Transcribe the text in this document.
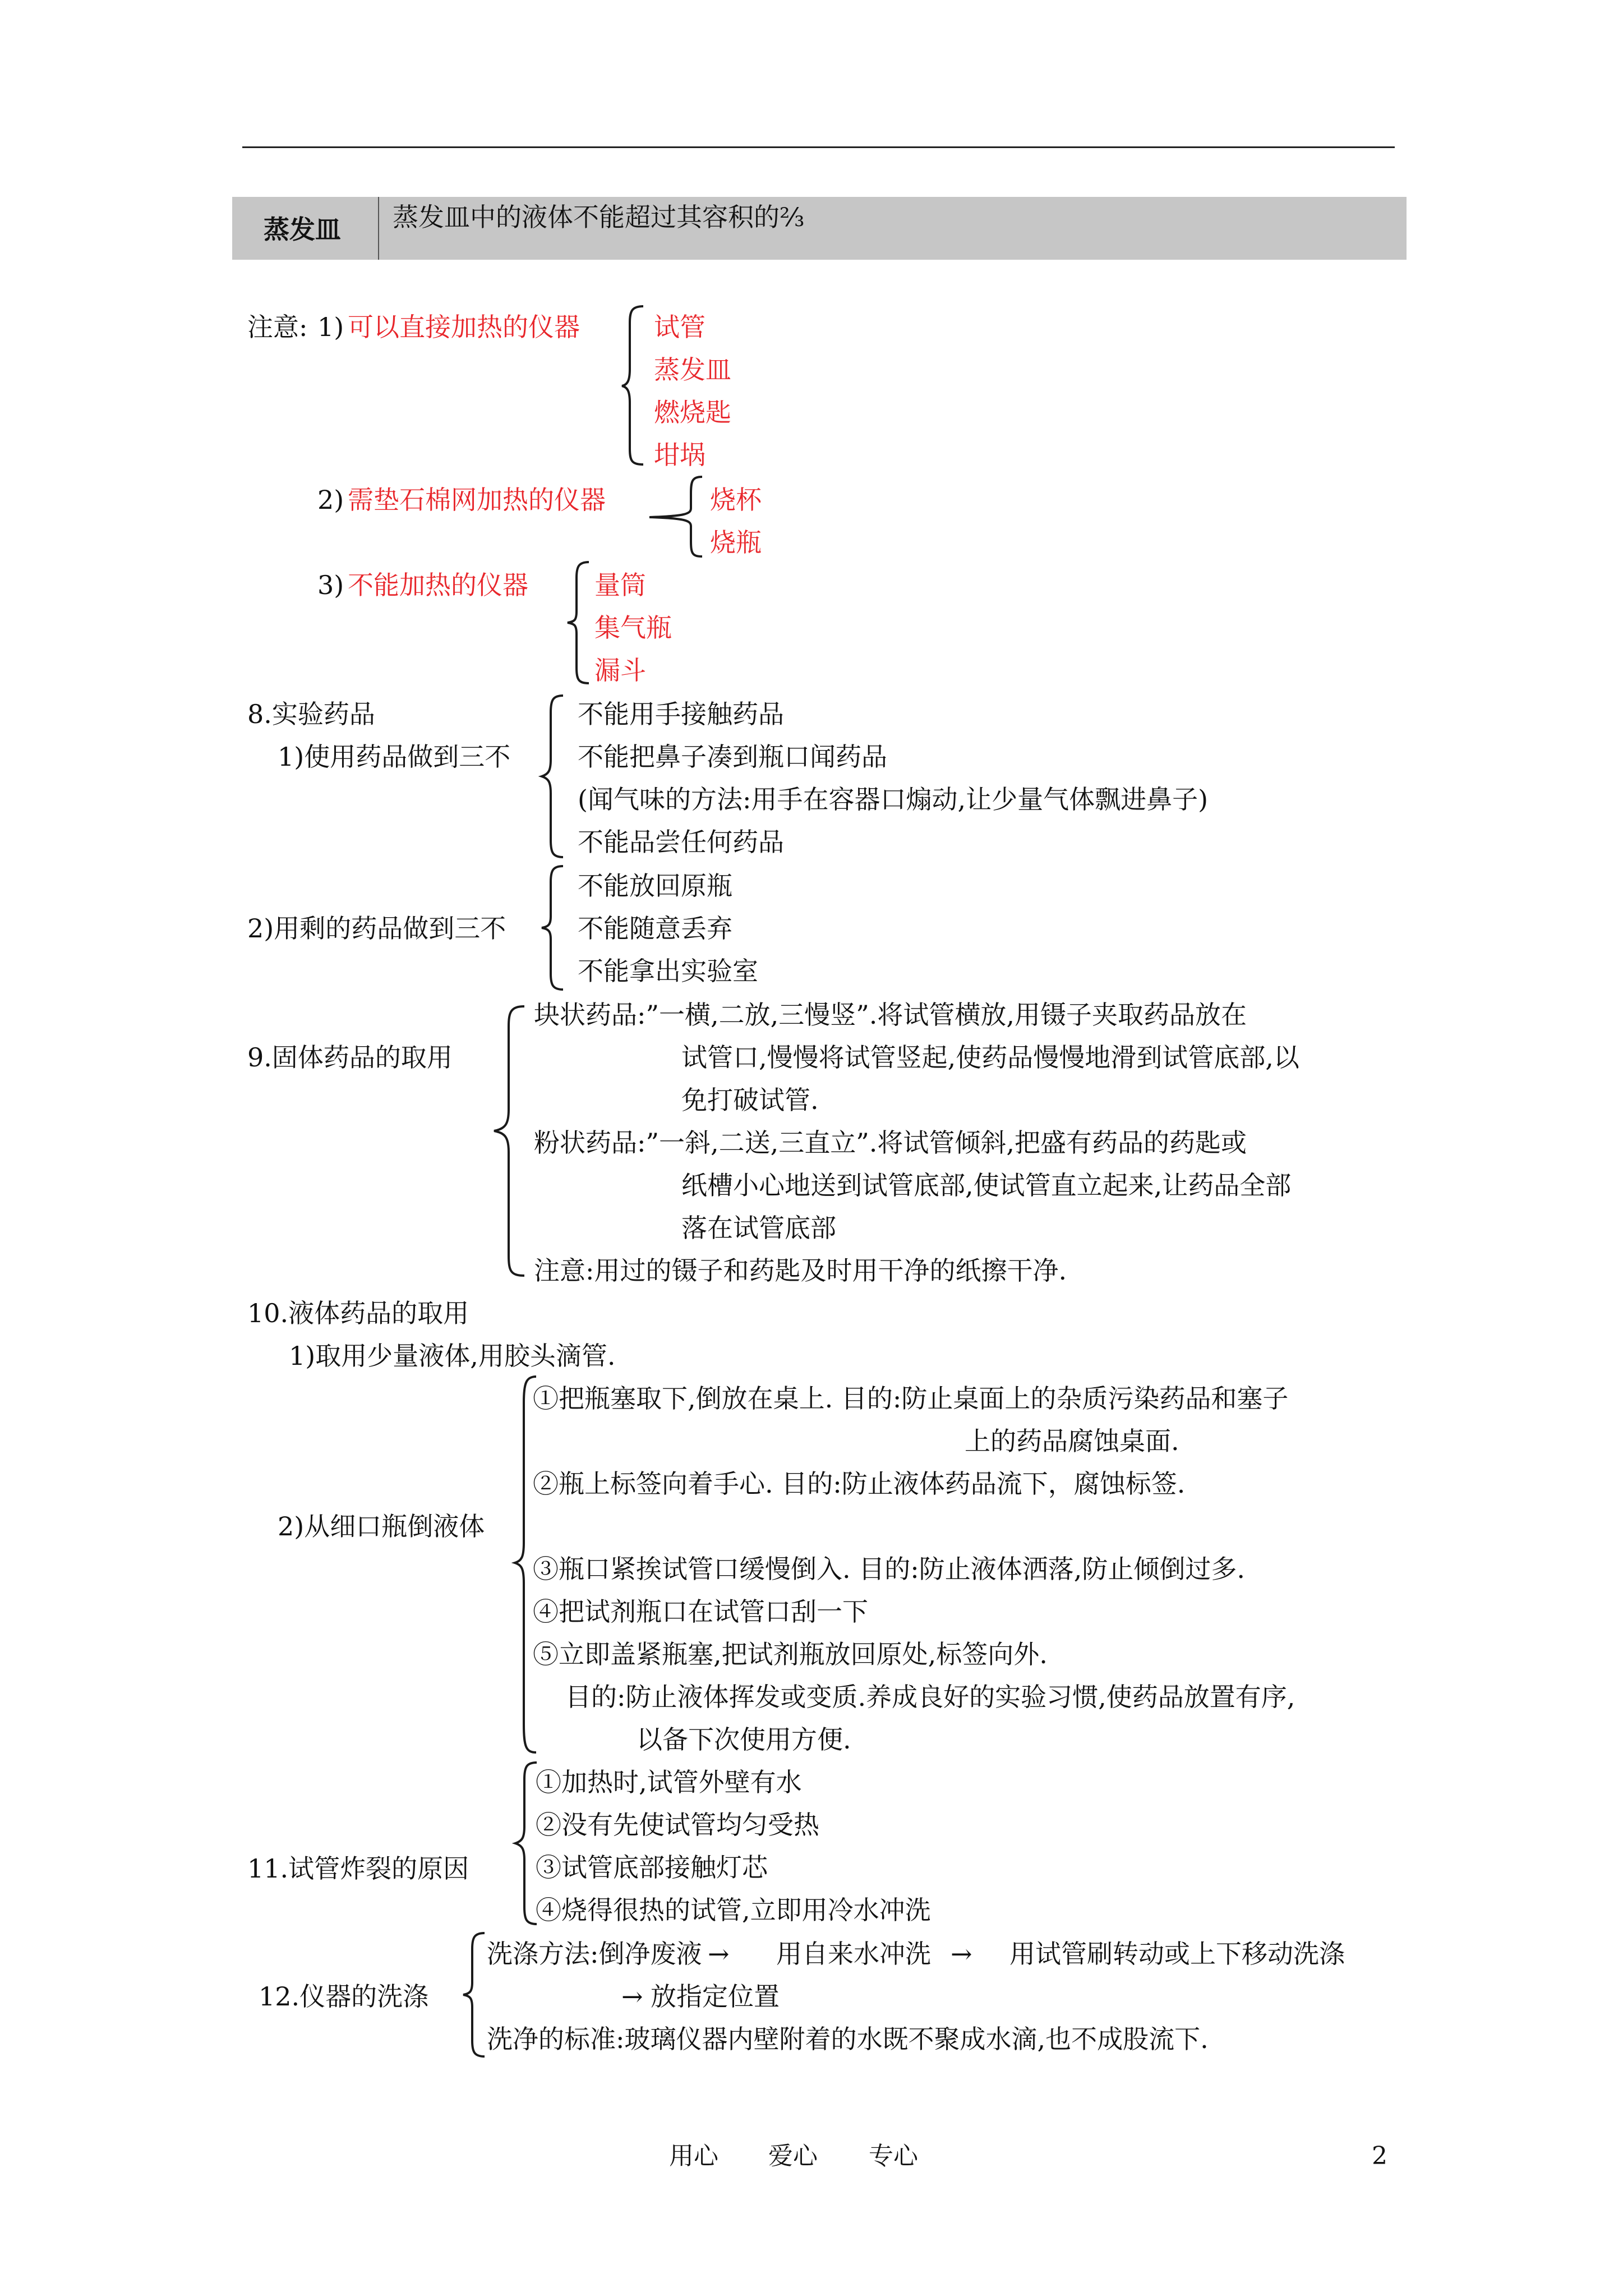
蒸发皿 蒸发皿中的液体不能超过其容积的⅔
注意: 1) 可以直接加热的仪器	试管
蒸发皿
燃烧匙
坩埚
2) 需垫石棉网加热的仪器	烧杯
烧瓶
3) 不能加热的仪器	量筒
集气瓶
漏斗
8.实验药品
1)使用药品做到三不
不能用手接触药品
不能把鼻子凑到瓶口闻药品
(闻气味的方法:用手在容器口煽动,让少量气体飘进鼻子)
不能品尝任何药品
2)用剩的药品做到三不
不能放回原瓶
不能随意丢弃
不能拿出实验室
9.固体药品的取用
块状药品:”一横,二放,三慢竖”.将试管横放,用镊子夹取药品放在
试管口,慢慢将试管竖起,使药品慢慢地滑到试管底部,以
免打破试管.
粉状药品:”一斜,二送,三直立”.将试管倾斜,把盛有药品的药匙或
纸槽小心地送到试管底部,使试管直立起来,让药品全部
落在试管底部
注意:用过的镊子和药匙及时用干净的纸擦干净.
10.液体药品的取用
1)取用少量液体,用胶头滴管.
2)从细口瓶倒液体
①把瓶塞取下,倒放在桌上. 目的:防止桌面上的杂质污染药品和塞子
上的药品腐蚀桌面.
②瓶上标签向着手心. 目的:防止液体药品流下，腐蚀标签.
③瓶口紧挨试管口缓慢倒入. 目的:防止液体洒落,防止倾倒过多.
④把试剂瓶口在试管口刮一下
⑤立即盖紧瓶塞,把试剂瓶放回原处,标签向外.
目的:防止液体挥发或变质.养成良好的实验习惯,使药品放置有序,
以备下次使用方便.
11.试管炸裂的原因
①加热时,试管外壁有水
②没有先使试管均匀受热
③试管底部接触灯芯
④烧得很热的试管,立即用冷水冲洗
12.仪器的洗涤
洗涤方法:倒净废液 → 用自来水冲洗 → 用试管刷转动或上下移动洗涤
→ 放指定位置
洗净的标准:玻璃仪器内壁附着的水既不聚成水滴,也不成股流下.
用心 爱心 专心	2
